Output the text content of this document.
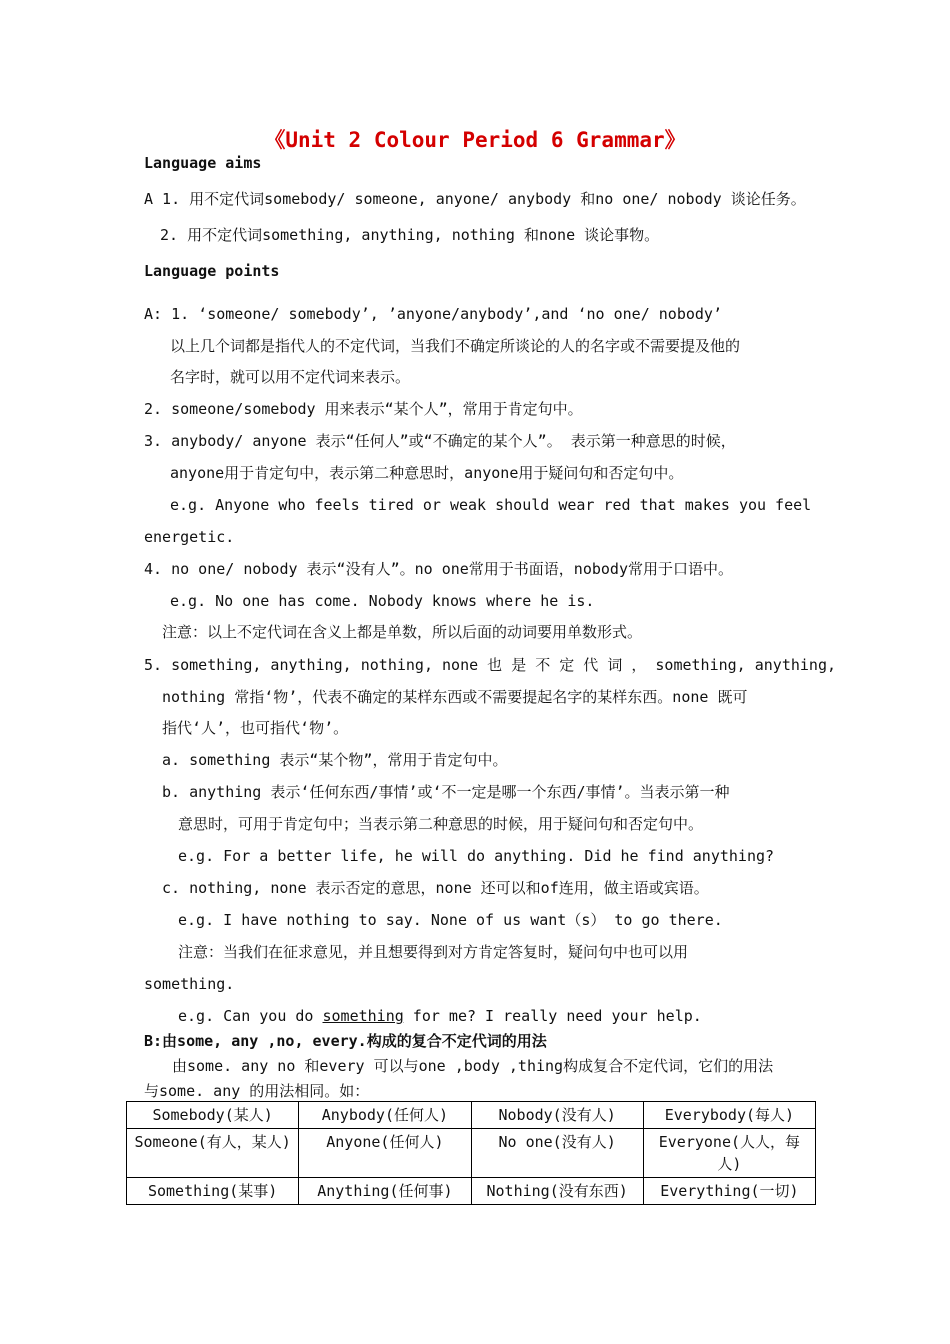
《Unit 2 Colour Period 6 Grammar》
Language aims
A 1. 用不定代词somebody/ someone, anyone/ anybody 和no one/ nobody 谈论任务。
2. 用不定代词something, anything, nothing 和none 谈论事物。
Language points
A: 1. ‘someone/ somebody’, ’anyone/anybody’,and ‘no one/ nobody’
以上几个词都是指代人的不定代词，当我们不确定所谈论的人的名字或不需要提及他的
名字时，就可以用不定代词来表示。
2. someone/somebody 用来表示“某个人”，常用于肯定句中。
3. anybody/ anyone 表示“任何人”或“不确定的某个人”。 表示第一种意思的时候，
anyone用于肯定句中，表示第二种意思时，anyone用于疑问句和否定句中。
e.g. Anyone who feels tired or weak should wear red that makes you feel
energetic.
4. no one/ nobody 表示“没有人”。no one常用于书面语，nobody常用于口语中。
e.g. No one has come. Nobody knows where he is.
注意：以上不定代词在含义上都是单数，所以后面的动词要用单数形式。
5. something, anything, nothing, none 也 是 不 定 代 词 ， something, anything,
nothing 常指‘物’，代表不确定的某样东西或不需要提起名字的某样东西。none 既可
指代‘人’，也可指代‘物’。
a. something 表示“某个物”，常用于肯定句中。
b. anything 表示‘任何东西/事情’或‘不一定是哪一个东西/事情’。当表示第一种
意思时，可用于肯定句中；当表示第二种意思的时候，用于疑问句和否定句中。
e.g. For a better life, he will do anything. Did he find anything?
c. nothing, none 表示否定的意思，none 还可以和of连用，做主语或宾语。
e.g. I have nothing to say. None of us want（s） to go there.
注意：当我们在征求意见，并且想要得到对方肯定答复时，疑问句中也可以用
something.
e.g. Can you do something for me? I really need your help.
B:由some, any ,no, every.构成的复合不定代词的用法
由some. any no 和every 可以与one ,body ,thing构成复合不定代词，它们的用法
与some. any 的用法相同。如：
Somebody(某人)	Anybody(任何人)	Nobody(没有人)	Everybody(每人)
Someone(有人，某人)	Anyone(任何人)	No one(没有人)	Everyone(人人，每人)
Something(某事)	Anything(任何事)	Nothing(没有东西)	Everything(一切)
